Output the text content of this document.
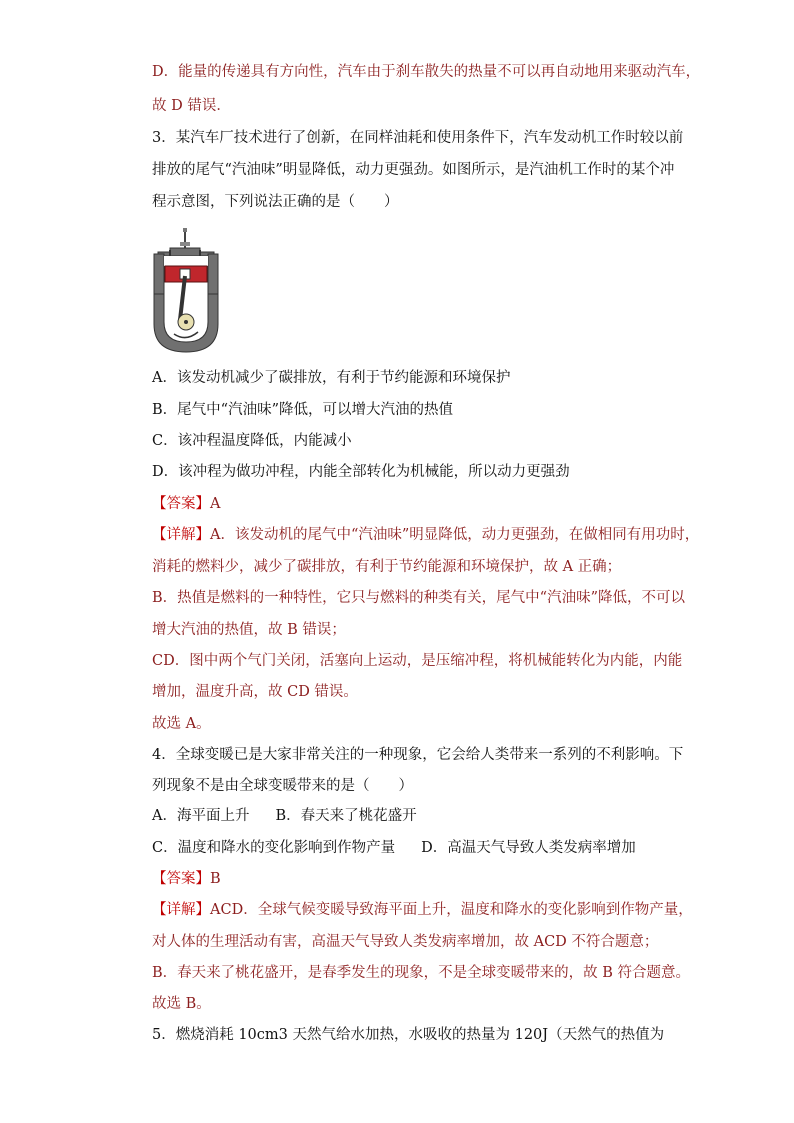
D．能量的传递具有方向性，汽车由于刹车散失的热量不可以再自动地用来驱动汽车，
故 D 错误．
3．某汽车厂技术进行了创新，在同样油耗和使用条件下，汽车发动机工作时较以前
排放的尾气“汽油味”明显降低，动力更强劲。如图所示，是汽油机工作时的某个冲
程示意图，下列说法正确的是（　　）
A．该发动机减少了碳排放，有利于节约能源和环境保护
B．尾气中“汽油味”降低，可以增大汽油的热值
C．该冲程温度降低，内能减小
D．该冲程为做功冲程，内能全部转化为机械能，所以动力更强劲
【答案】A
【详解】A．该发动机的尾气中“汽油味”明显降低，动力更强劲，在做相同有用功时，
消耗的燃料少，减少了碳排放，有利于节约能源和环境保护，故 A 正确；
B．热值是燃料的一种特性，它只与燃料的种类有关，尾气中“汽油味”降低，不可以
增大汽油的热值，故 B 错误；
CD．图中两个气门关闭，活塞向上运动，是压缩冲程，将机械能转化为内能，内能
增加，温度升高，故 CD 错误。
故选 A。
4．全球变暖已是大家非常关注的一种现象，它会给人类带来一系列的不利影响。下
列现象不是由全球变暖带来的是（　　）
A．海平面上升 B．春天来了桃花盛开
C．温度和降水的变化影响到作物产量 D．高温天气导致人类发病率增加
【答案】B
【详解】ACD．全球气候变暖导致海平面上升，温度和降水的变化影响到作物产量，
对人体的生理活动有害，高温天气导致人类发病率增加，故 ACD 不符合题意；
B．春天来了桃花盛开，是春季发生的现象，不是全球变暖带来的，故 B 符合题意。
故选 B。
5．燃烧消耗 10cm3 天然气给水加热，水吸收的热量为 120J（天然气的热值为
